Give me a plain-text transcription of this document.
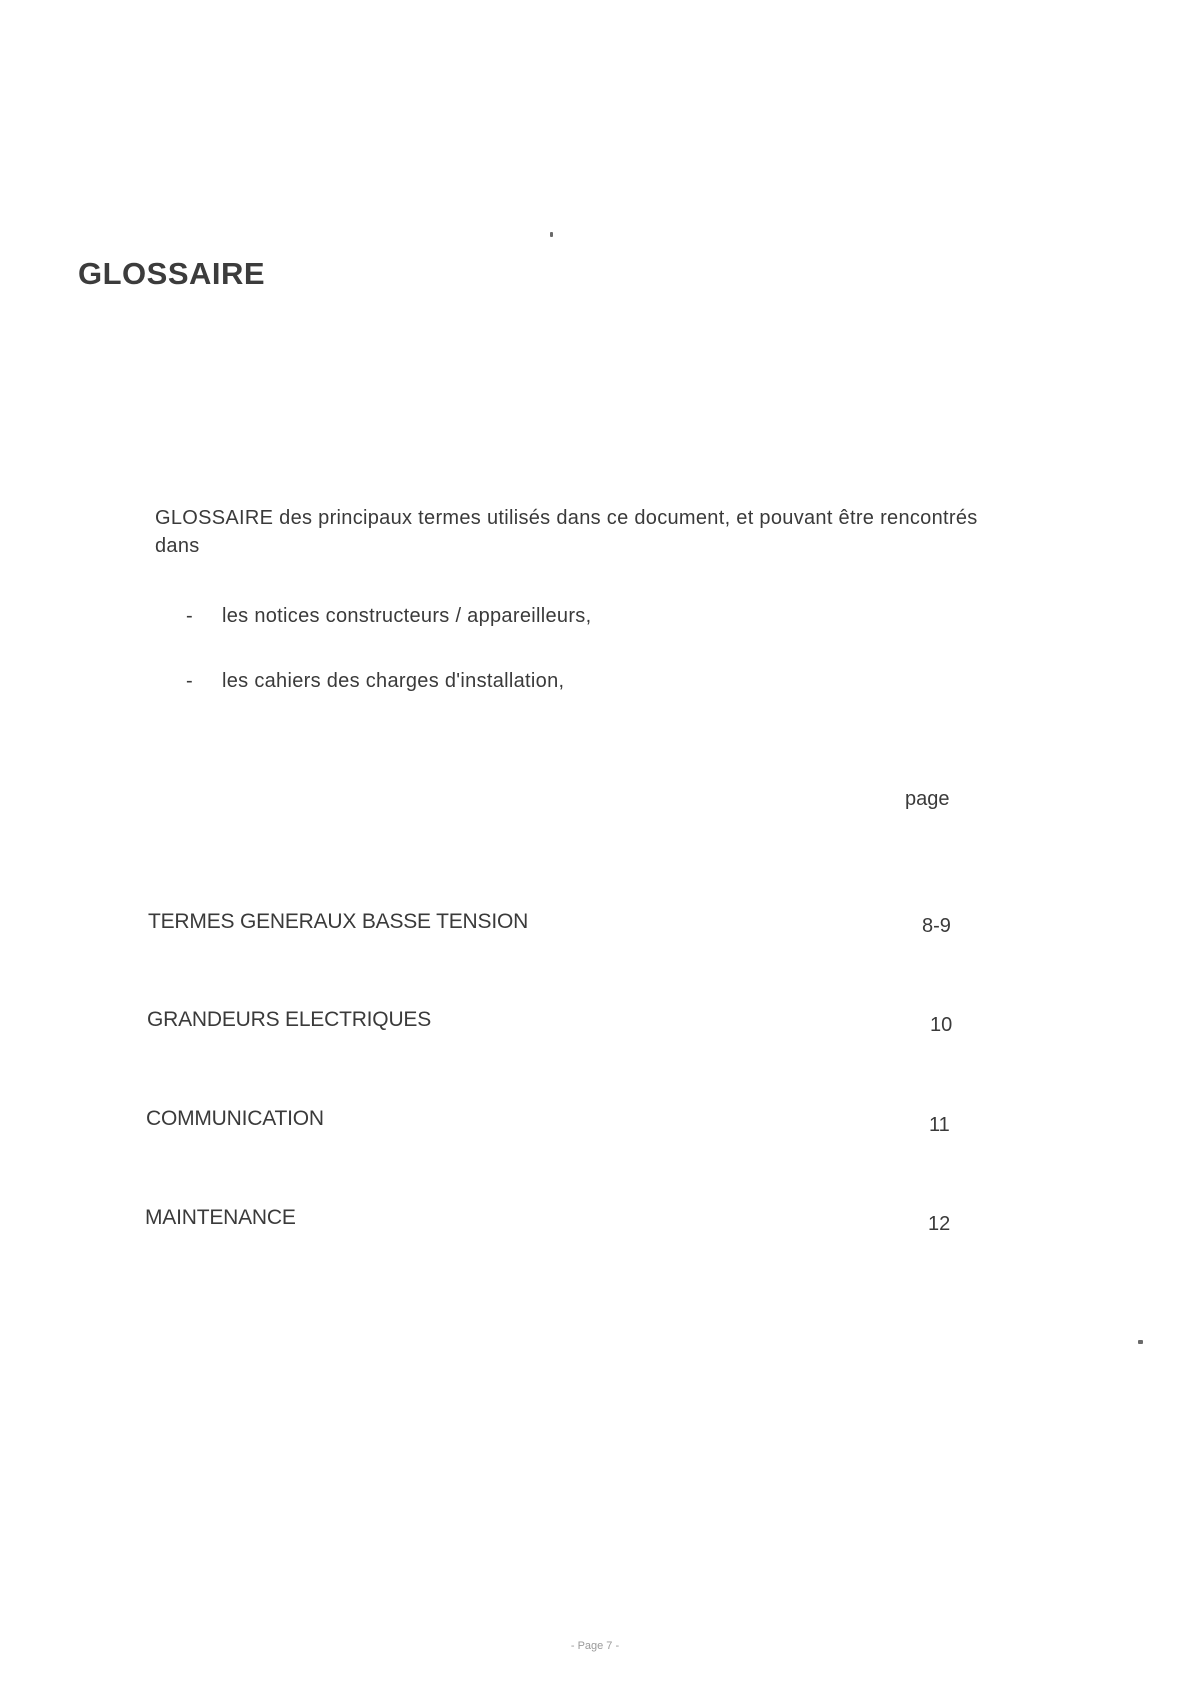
GLOSSAIRE

GLOSSAIRE des principaux termes utilisés dans ce document, et pouvant être rencontrés dans

- les notices constructeurs / appareilleurs,
- les cahiers des charges d'installation,
page
TERMES GENERAUX BASSE TENSION	8-9
GRANDEURS ELECTRIQUES	10
COMMUNICATION	11
MAINTENANCE	12
- Page 7 -
